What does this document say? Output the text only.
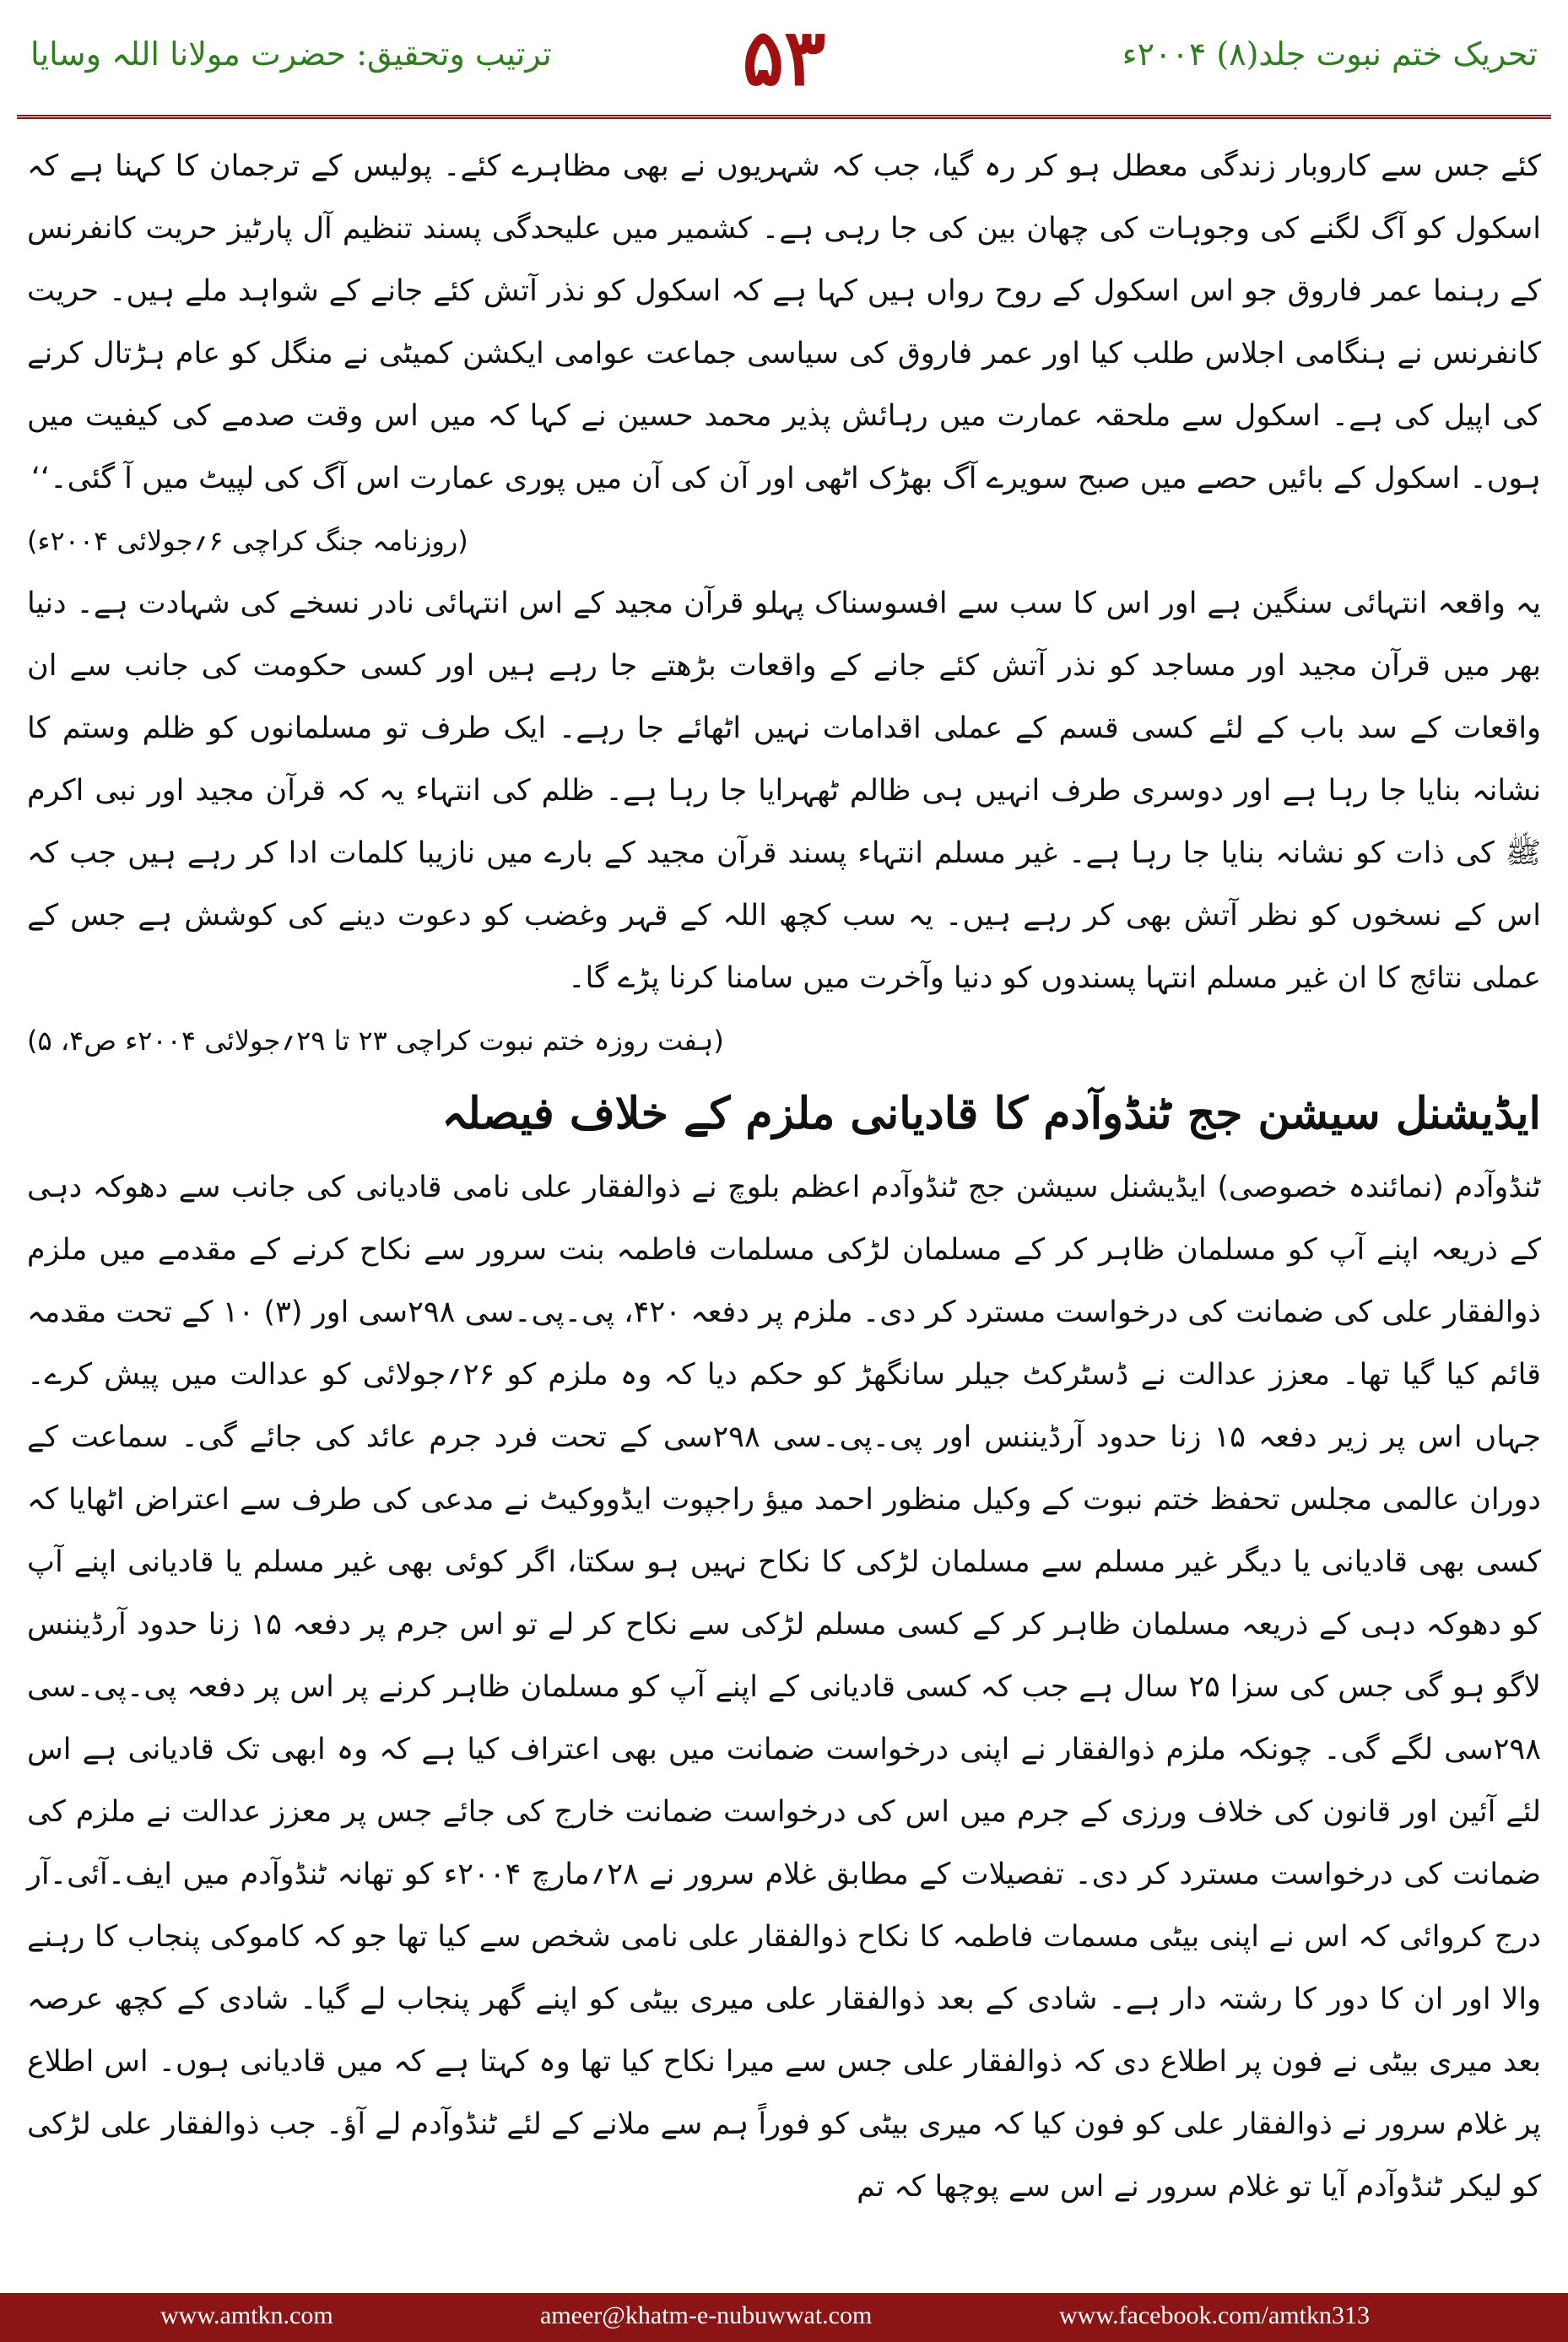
ترتیب وتحقیق: حضرت مولانا اللہ وسایا	۵۳	تحریک ختم نبوت جلد(۸) ۲۰۰۴ء

کئے جس سے کاروبار زندگی معطل ہو کر رہ گیا، جب کہ شہریوں نے بھی مظاہرے کئے۔ پولیس کے ترجمان کا کہنا ہے کہ اسکول کو آگ لگنے کی وجوہات کی چھان بین کی جا رہی ہے۔ کشمیر میں علیحدگی پسند تنظیم آل پارٹیز حریت کانفرنس کے رہنما عمر فاروق جو اس اسکول کے روح رواں ہیں کہا ہے کہ اسکول کو نذر آتش کئے جانے کے شواہد ملے ہیں۔ حریت کانفرنس نے ہنگامی اجلاس طلب کیا اور عمر فاروق کی سیاسی جماعت عوامی ایکشن کمیٹی نے منگل کو عام ہڑتال کرنے کی اپیل کی ہے۔ اسکول سے ملحقہ عمارت میں رہائش پذیر محمد حسین نے کہا کہ میں اس وقت صدمے کی کیفیت میں ہوں۔ اسکول کے بائیں حصے میں صبح سویرے آگ بھڑک اٹھی اور آن کی آن میں پوری عمارت اس آگ کی لپیٹ میں آ گئی۔‘‘

(روزنامہ جنگ کراچی ۶؍جولائی ۲۰۰۴ء)

یہ واقعہ انتہائی سنگین ہے اور اس کا سب سے افسوسناک پہلو قرآن مجید کے اس انتہائی نادر نسخے کی شہادت ہے۔ دنیا بھر میں قرآن مجید اور مساجد کو نذر آتش کئے جانے کے واقعات بڑھتے جا رہے ہیں اور کسی حکومت کی جانب سے ان واقعات کے سد باب کے لئے کسی قسم کے عملی اقدامات نہیں اٹھائے جا رہے۔ ایک طرف تو مسلمانوں کو ظلم وستم کا نشانہ بنایا جا رہا ہے اور دوسری طرف انہیں ہی ظالم ٹھہرایا جا رہا ہے۔ ظلم کی انتہاء یہ کہ قرآن مجید اور نبی اکرم ﷺ کی ذات کو نشانہ بنایا جا رہا ہے۔ غیر مسلم انتہاء پسند قرآن مجید کے بارے میں نازیبا کلمات ادا کر رہے ہیں جب کہ اس کے نسخوں کو نظر آتش بھی کر رہے ہیں۔ یہ سب کچھ اللہ کے قہر وغضب کو دعوت دینے کی کوشش ہے جس کے عملی نتائج کا ان غیر مسلم انتہا پسندوں کو دنیا وآخرت میں سامنا کرنا پڑے گا۔

(ہفت روزہ ختم نبوت کراچی ۲۳ تا ۲۹؍جولائی ۲۰۰۴ء ص۴، ۵)

ایڈیشنل سیشن جج ٹنڈوآدم کا قادیانی ملزم کے خلاف فیصلہ

ٹنڈوآدم (نمائندہ خصوصی) ایڈیشنل سیشن جج ٹنڈوآدم اعظم بلوچ نے ذوالفقار علی نامی قادیانی کی جانب سے دھوکہ دہی کے ذریعہ اپنے آپ کو مسلمان ظاہر کر کے مسلمان لڑکی مسلمات فاطمہ بنت سرور سے نکاح کرنے کے مقدمے میں ملزم ذوالفقار علی کی ضمانت کی درخواست مسترد کر دی۔ ملزم پر دفعہ ۴۲۰، پی۔پی۔سی ۲۹۸سی اور (۳) ۱۰ کے تحت مقدمہ قائم کیا گیا تھا۔ معزز عدالت نے ڈسٹرکٹ جیلر سانگھڑ کو حکم دیا کہ وہ ملزم کو ۲۶؍جولائی کو عدالت میں پیش کرے۔ جہاں اس پر زیر دفعہ ۱۵ زنا حدود آرڈیننس اور پی۔پی۔سی ۲۹۸سی کے تحت فرد جرم عائد کی جائے گی۔ سماعت کے دوران عالمی مجلس تحفظ ختم نبوت کے وکیل منظور احمد میؤ راجپوت ایڈووکیٹ نے مدعی کی طرف سے اعتراض اٹھایا کہ کسی بھی قادیانی یا دیگر غیر مسلم سے مسلمان لڑکی کا نکاح نہیں ہو سکتا، اگر کوئی بھی غیر مسلم یا قادیانی اپنے آپ کو دھوکہ دہی کے ذریعہ مسلمان ظاہر کر کے کسی مسلم لڑکی سے نکاح کر لے تو اس جرم پر دفعہ ۱۵ زنا حدود آرڈیننس لاگو ہو گی جس کی سزا ۲۵ سال ہے جب کہ کسی قادیانی کے اپنے آپ کو مسلمان ظاہر کرنے پر اس پر دفعہ پی۔پی۔سی ۲۹۸سی لگے گی۔ چونکہ ملزم ذوالفقار نے اپنی درخواست ضمانت میں بھی اعتراف کیا ہے کہ وہ ابھی تک قادیانی ہے اس لئے آئین اور قانون کی خلاف ورزی کے جرم میں اس کی درخواست ضمانت خارج کی جائے جس پر معزز عدالت نے ملزم کی ضمانت کی درخواست مسترد کر دی۔ تفصیلات کے مطابق غلام سرور نے ۲۸؍مارچ ۲۰۰۴ء کو تھانہ ٹنڈوآدم میں ایف۔آئی۔آر درج کروائی کہ اس نے اپنی بیٹی مسمات فاطمہ کا نکاح ذوالفقار علی نامی شخص سے کیا تھا جو کہ کاموکی پنجاب کا رہنے والا اور ان کا دور کا رشتہ دار ہے۔ شادی کے بعد ذوالفقار علی میری بیٹی کو اپنے گھر پنجاب لے گیا۔ شادی کے کچھ عرصہ بعد میری بیٹی نے فون پر اطلاع دی کہ ذوالفقار علی جس سے میرا نکاح کیا تھا وہ کہتا ہے کہ میں قادیانی ہوں۔ اس اطلاع پر غلام سرور نے ذوالفقار علی کو فون کیا کہ میری بیٹی کو فوراً ہم سے ملانے کے لئے ٹنڈوآدم لے آؤ۔ جب ذوالفقار علی لڑکی کو لیکر ٹنڈوآدم آیا تو غلام سرور نے اس سے پوچھا کہ تم

www.amtkn.com	ameer@khatm-e-nubuwwat.com	www.facebook.com/amtkn313
